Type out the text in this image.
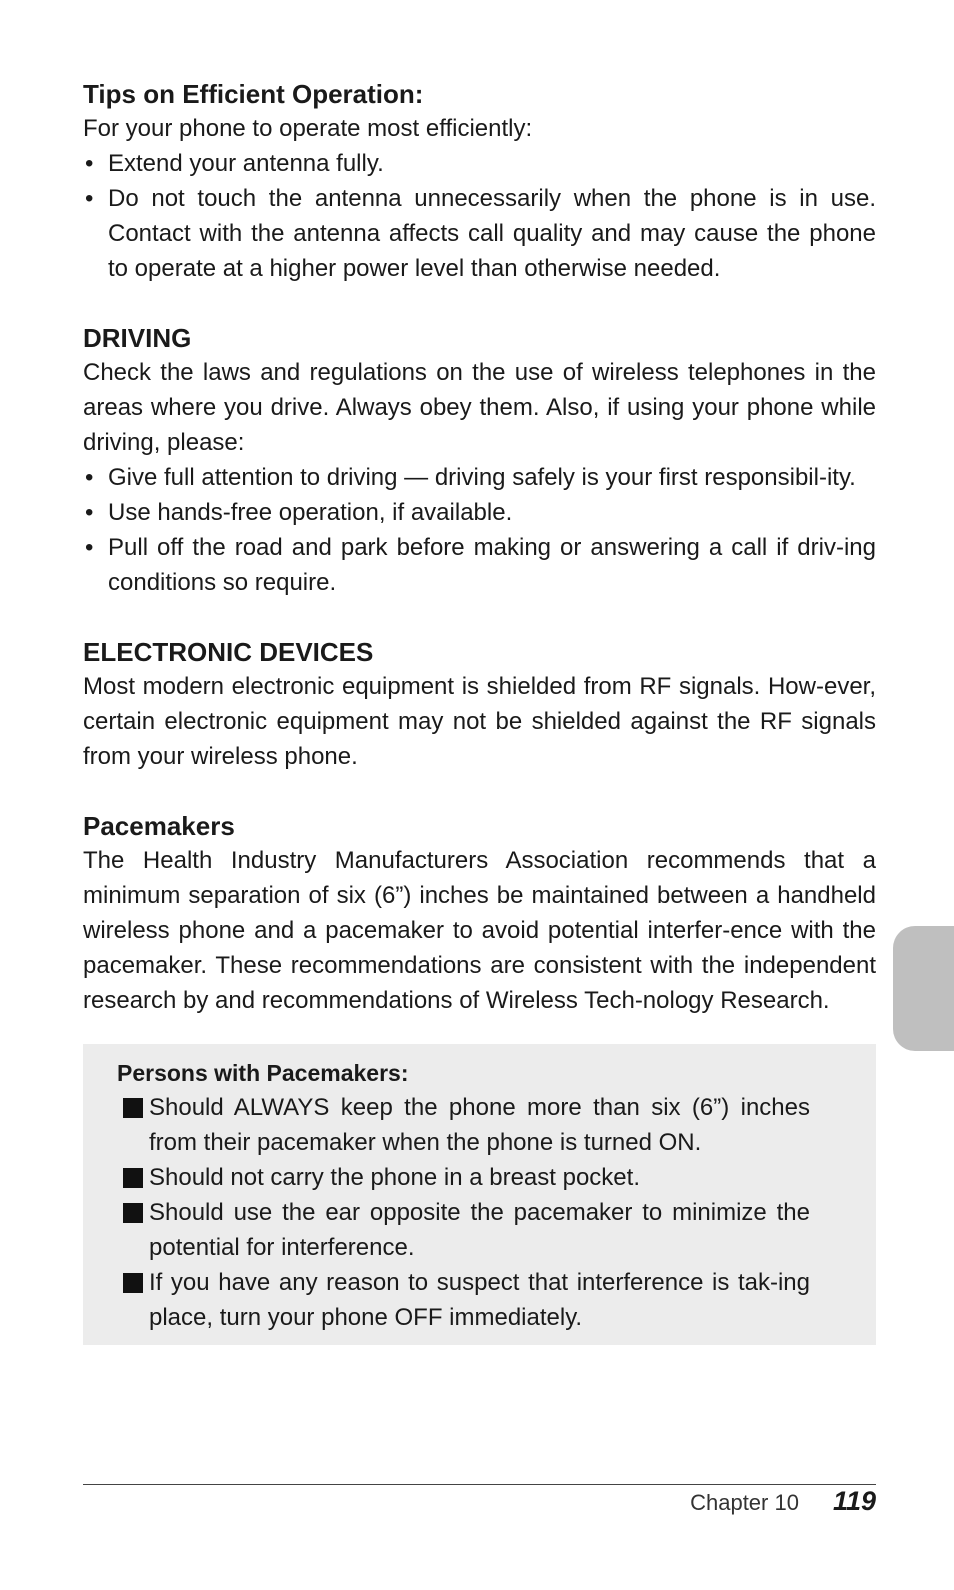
Tips on Efficient Operation:

For your phone to operate most efficiently:

• Extend your antenna fully.
• Do not touch the antenna unnecessarily when the phone is in use. Contact with the antenna affects call quality and may cause the phone to operate at a higher power level than otherwise needed.
DRIVING

Check the laws and regulations on the use of wireless telephones in the areas where you drive. Always obey them. Also, if using your phone while driving, please:

• Give full attention to driving — driving safely is your first responsibil-ity.
• Use hands-free operation, if available.
• Pull off the road and park before making or answering a call if driv-ing conditions so require.
ELECTRONIC DEVICES

Most modern electronic equipment is shielded from RF signals. How-ever, certain electronic equipment may not be shielded against the RF signals from your wireless phone.

Pacemakers

The Health Industry Manufacturers Association recommends that a minimum separation of six (6”) inches be maintained between a handheld wireless phone and a pacemaker to avoid potential interfer-ence with the pacemaker. These recommendations are consistent with the independent research by and recommendations of Wireless Tech-nology Research.

Persons with Pacemakers:
Should ALWAYS keep the phone more than six (6”) inches from their pacemaker when the phone is turned ON.
Should not carry the phone in a breast pocket.
Should use the ear opposite the pacemaker to minimize the potential for interference.
If you have any reason to suspect that interference is tak-ing place, turn your phone OFF immediately.
Chapter 10 119
